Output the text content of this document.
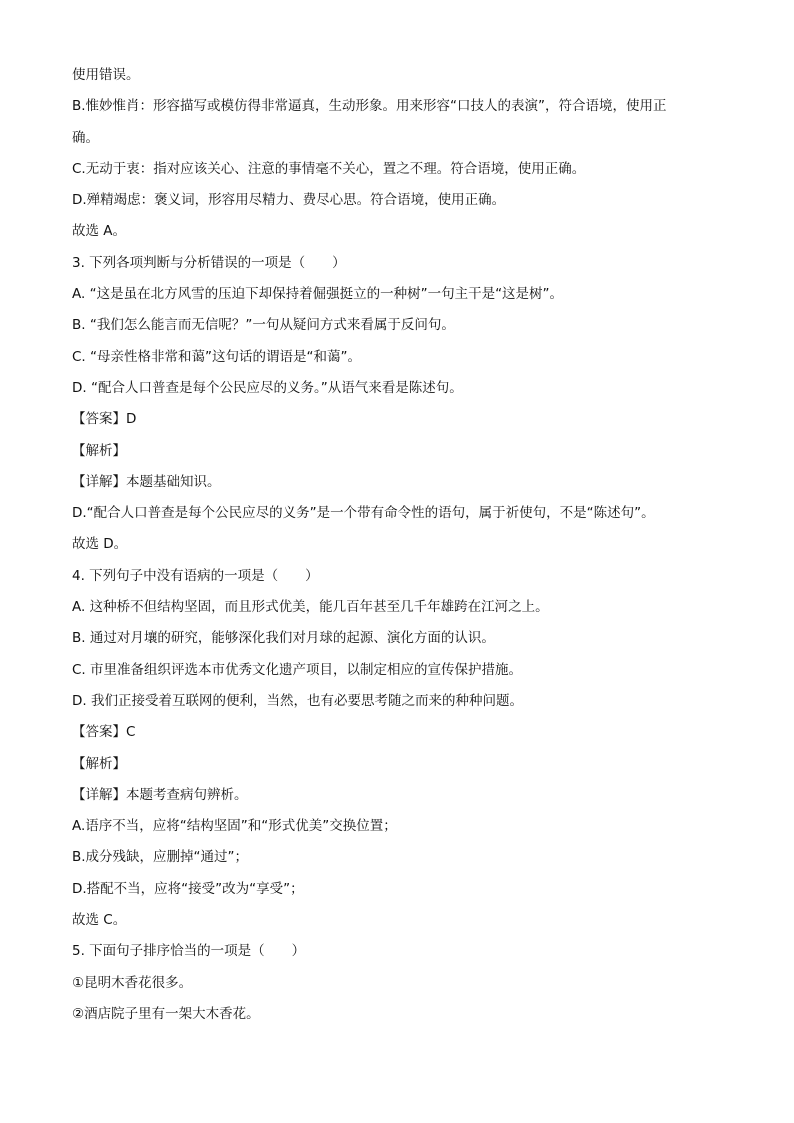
使用错误。
B.惟妙惟肖：形容描写或模仿得非常逼真，生动形象。用来形容“口技人的表演”，符合语境，使用正
确。
C.无动于衷：指对应该关心、注意的事情毫不关心，置之不理。符合语境，使用正确。
D.殚精竭虑：褒义词，形容用尽精力、费尽心思。符合语境，使用正确。
故选 A。
3. 下列各项判断与分析错误的一项是（　　）
A. “这是虽在北方风雪的压迫下却保持着倔强挺立的一种树”一句主干是“这是树”。
B. “我们怎么能言而无信呢？”一句从疑问方式来看属于反问句。
C. “母亲性格非常和蔼”这句话的谓语是“和蔼”。
D. “配合人口普查是每个公民应尽的义务。”从语气来看是陈述句。
【答案】D
【解析】
【详解】本题基础知识。
D.“配合人口普查是每个公民应尽的义务”是一个带有命令性的语句，属于祈使句，不是“陈述句”。
故选 D。
4. 下列句子中没有语病的一项是（　　）
A. 这种桥不但结构坚固，而且形式优美，能几百年甚至几千年雄跨在江河之上。
B. 通过对月壤的研究，能够深化我们对月球的起源、演化方面的认识。
C. 市里准备组织评选本市优秀文化遗产项目，以制定相应的宣传保护措施。
D. 我们正接受着互联网的便利，当然，也有必要思考随之而来的种种问题。
【答案】C
【解析】
【详解】本题考查病句辨析。
A.语序不当，应将“结构坚固”和“形式优美”交换位置；
B.成分残缺，应删掉“通过”；
D.搭配不当，应将“接受”改为“享受”；
故选 C。
5. 下面句子排序恰当的一项是（　　）
①昆明木香花很多。
②酒店院子里有一架大木香花。
